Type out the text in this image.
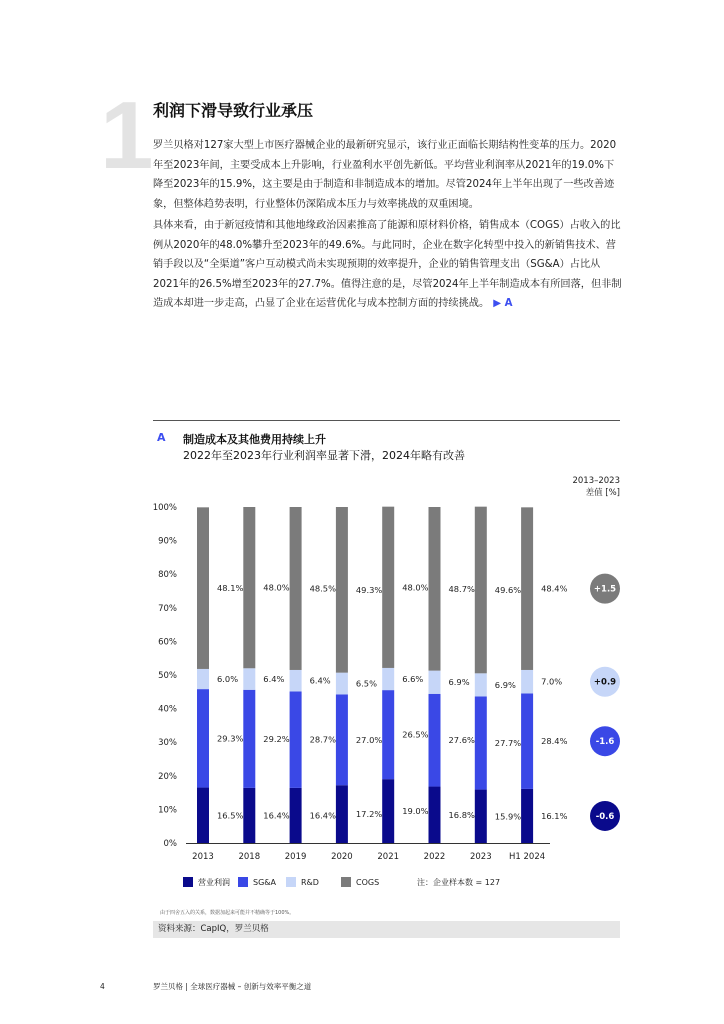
1 利润下滑导致行业承压

罗兰贝格对127家大型上市医疗器械企业的最新研究显示，该行业正面临长期结构性变革的压力。2020年至2023年间，主要受成本上升影响，行业盈利水平创先新低。平均营业利润率从2021年的19.0%下降至2023年的15.9%，这主要是由于制造和非制造成本的增加。尽管2024年上半年出现了一些改善迹象，但整体趋势表明，行业整体仍深陷成本压力与效率挑战的双重困境。

具体来看，由于新冠疫情和其他地缘政治因素推高了能源和原材料价格，销售成本（COGS）占收入的比例从2020年的48.0%攀升至2023年的49.6%。与此同时，企业在数字化转型中投入的新销售技术、营销手段以及“全渠道”客户互动模式尚未实现预期的效率提升，企业的销售管理支出（SG&A）占比从2021年的26.5%增至2023年的27.7%。值得注意的是，尽管2024年上半年制造成本有所回落，但非制造成本却进一步走高，凸显了企业在运营优化与成本控制方面的持续挑战。 ▶ A

A 制造成本及其他费用持续上升
2022年至2023年行业利润率显著下滑，2024年略有改善
2013–2023
差值 [%]
0%
10%
20%
30%
40%
50%
60%
70%
80%
90%
100%
16.5%
29.3%
6.0%
48.1%
2013
16.4%
29.2%
6.4%
48.0%
2018
16.4%
28.7%
6.4%
48.5%
2019
17.2%
27.0%
6.5%
49.3%
2020
19.0%
26.5%
6.6%
48.0%
2021
16.8%
27.6%
6.9%
48.7%
2022
15.9%
27.7%
6.9%
49.6%
2023
16.1%
28.4%
7.0%
48.4%
H1 2024
+1.5
+0.9
-1.6
-0.6
营业利润	SG&A	R&D	COGS	注：企业样本数 = 127
由于四舍五入的关系，数据加起来可能并不精确等于100%。
资料来源：CapIQ，罗兰贝格
4	罗兰贝格 | 全球医疗器械 – 创新与效率平衡之道
